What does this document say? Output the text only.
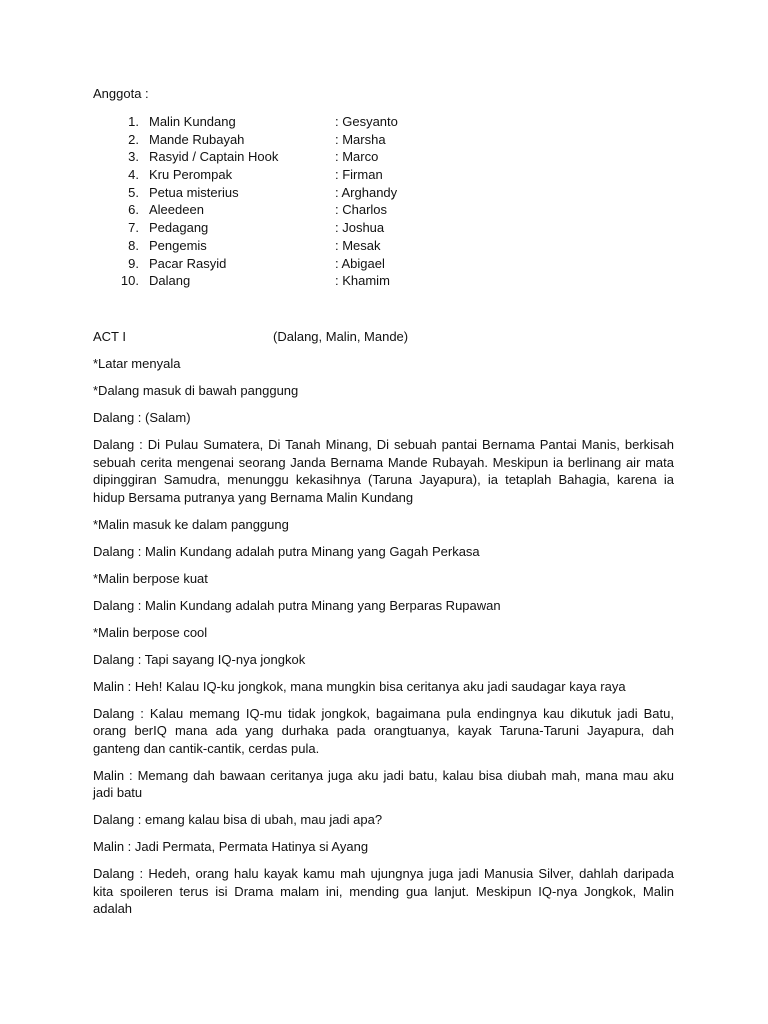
Anggota :
1. Malin Kundang	: Gesyanto
2. Mande Rubayah	: Marsha
3. Rasyid / Captain Hook	: Marco
4. Kru Perompak	: Firman
5. Petua misterius	: Arghandy
6. Aleedeen	: Charlos
7. Pedagang	: Joshua
8. Pengemis	: Mesak
9. Pacar Rasyid	: Abigael
10. Dalang	: Khamim
ACT I	(Dalang, Malin, Mande)

*Latar menyala

*Dalang masuk di bawah panggung

Dalang : (Salam)

Dalang : Di Pulau Sumatera, Di Tanah Minang, Di sebuah pantai Bernama Pantai Manis, berkisah sebuah cerita mengenai seorang Janda Bernama Mande Rubayah. Meskipun ia berlinang air mata dipinggiran Samudra, menunggu kekasihnya (Taruna Jayapura), ia tetaplah Bahagia, karena ia hidup Bersama putranya yang Bernama Malin Kundang

*Malin masuk ke dalam panggung

Dalang : Malin Kundang adalah putra Minang yang Gagah Perkasa

*Malin berpose kuat

Dalang : Malin Kundang adalah putra Minang yang Berparas Rupawan

*Malin berpose cool

Dalang : Tapi sayang IQ-nya jongkok

Malin : Heh! Kalau IQ-ku jongkok, mana mungkin bisa ceritanya aku jadi saudagar kaya raya

Dalang : Kalau memang IQ-mu tidak jongkok, bagaimana pula endingnya kau dikutuk jadi Batu, orang berIQ mana ada yang durhaka pada orangtuanya, kayak Taruna-Taruni Jayapura, dah ganteng dan cantik-cantik, cerdas pula.

Malin : Memang dah bawaan ceritanya juga aku jadi batu, kalau bisa diubah mah, mana mau aku jadi batu

Dalang : emang kalau bisa di ubah, mau jadi apa?

Malin : Jadi Permata, Permata Hatinya si Ayang

Dalang : Hedeh, orang halu kayak kamu mah ujungnya juga jadi Manusia Silver, dahlah daripada kita spoileren terus isi Drama malam ini, mending gua lanjut. Meskipun IQ-nya Jongkok, Malin adalah
